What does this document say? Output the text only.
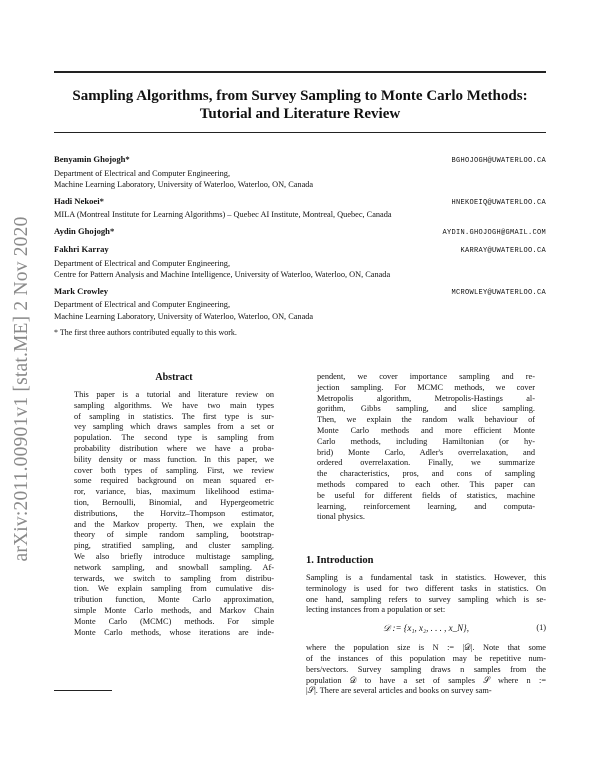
arXiv:2011.00901v1 [stat.ME] 2 Nov 2020
Sampling Algorithms, from Survey Sampling to Monte Carlo Methods:
Tutorial and Literature Review
Benyamin Ghojogh*	BGHOJOGH@UWATERLOO.CA
Department of Electrical and Computer Engineering,
Machine Learning Laboratory, University of Waterloo, Waterloo, ON, Canada
Hadi Nekoei*	HNEKOEIQ@UWATERLOO.CA
MILA (Montreal Institute for Learning Algorithms) – Quebec AI Institute, Montreal, Quebec, Canada
Aydin Ghojogh*	AYDIN.GHOJOGH@GMAIL.COM
Fakhri Karray	KARRAY@UWATERLOO.CA
Department of Electrical and Computer Engineering,
Centre for Pattern Analysis and Machine Intelligence, University of Waterloo, Waterloo, ON, Canada
Mark Crowley	MCROWLEY@UWATERLOO.CA
Department of Electrical and Computer Engineering,
Machine Learning Laboratory, University of Waterloo, Waterloo, ON, Canada
* The first three authors contributed equally to this work.
Abstract
This paper is a tutorial and literature review on
sampling algorithms. We have two main types
of sampling in statistics. The first type is sur-
vey sampling which draws samples from a set or
population. The second type is sampling from
probability distribution where we have a proba-
bility density or mass function. In this paper, we
cover both types of sampling. First, we review
some required background on mean squared er-
ror, variance, bias, maximum likelihood estima-
tion, Bernoulli, Binomial, and Hypergeometric
distributions, the Horvitz–Thompson estimator,
and the Markov property. Then, we explain the
theory of simple random sampling, bootstrap-
ping, stratified sampling, and cluster sampling.
We also briefly introduce multistage sampling,
network sampling, and snowball sampling. Af-
terwards, we switch to sampling from distribu-
tion. We explain sampling from cumulative dis-
tribution function, Monte Carlo approximation,
simple Monte Carlo methods, and Markov Chain
Monte Carlo (MCMC) methods. For simple
Monte Carlo methods, whose iterations are inde-
pendent, we cover importance sampling and re-
jection sampling. For MCMC methods, we cover
Metropolis algorithm, Metropolis-Hastings al-
gorithm, Gibbs sampling, and slice sampling.
Then, we explain the random walk behaviour of
Monte Carlo methods and more efficient Monte
Carlo methods, including Hamiltonian (or hy-
brid) Monte Carlo, Adler's overrelaxation, and
ordered overrelaxation. Finally, we summarize
the characteristics, pros, and cons of sampling
methods compared to each other. This paper can
be useful for different fields of statistics, machine
learning, reinforcement learning, and computa-
tional physics.
1. Introduction
Sampling is a fundamental task in statistics. However, this
terminology is used for two different tasks in statistics. On
one hand, sampling refers to survey sampling which is se-
lecting instances from a population or set:
𝒟 := {x₁, x₂, . . . , x_N},	(1)
where the population size is N := |𝒟|. Note that some
of the instances of this population may be repetitive num-
bers/vectors. Survey sampling draws n samples from the
population 𝒟 to have a set of samples 𝒮 where n :=
|𝒮|. There are several articles and books on survey sam-
